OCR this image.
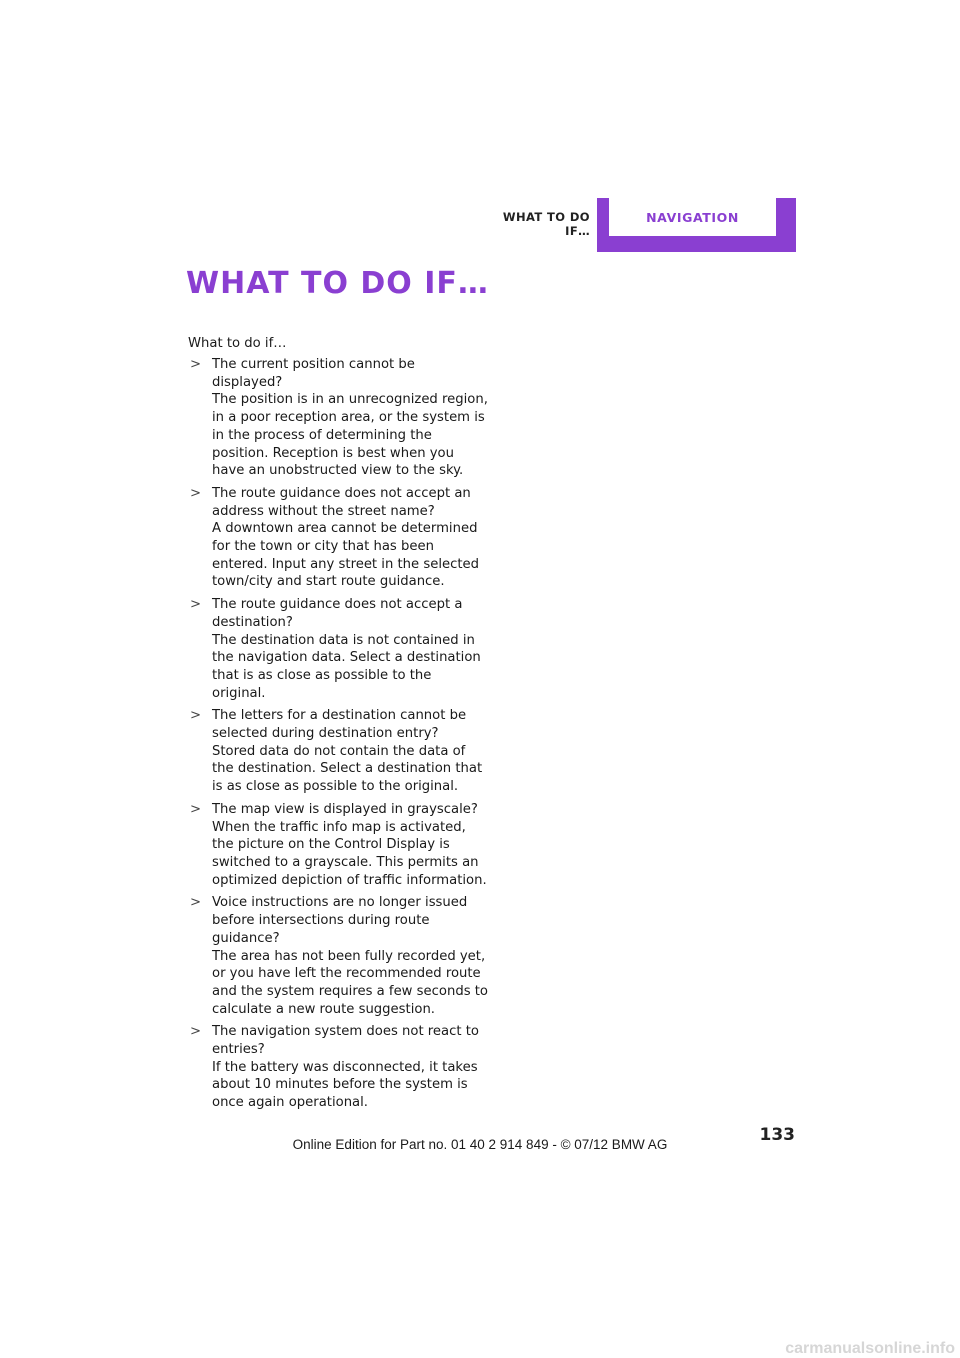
WHAT TO DO IF…
NAVIGATION
WHAT TO DO IF…
What to do if…
> The current position cannot be displayed?
The position is in an unrecognized region, in a poor reception area, or the system is in the process of determining the position. Reception is best when you have an unobstructed view to the sky.
> The route guidance does not accept an address without the street name?
A downtown area cannot be determined for the town or city that has been entered. Input any street in the selected town/city and start route guidance.
> The route guidance does not accept a destination?
The destination data is not contained in the navigation data. Select a destination that is as close as possible to the original.
> The letters for a destination cannot be selected during destination entry?
Stored data do not contain the data of the destination. Select a destination that is as close as possible to the original.
> The map view is displayed in grayscale?
When the traffic info map is activated, the picture on the Control Display is switched to a grayscale. This permits an optimized depiction of traffic information.
> Voice instructions are no longer issued before intersections during route guidance?
The area has not been fully recorded yet, or you have left the recommended route and the system requires a few seconds to calculate a new route suggestion.
> The navigation system does not react to entries?
If the battery was disconnected, it takes about 10 minutes before the system is once again operational.
133
Online Edition for Part no. 01 40 2 914 849 - © 07/12 BMW AG
carmanualsonline.info
